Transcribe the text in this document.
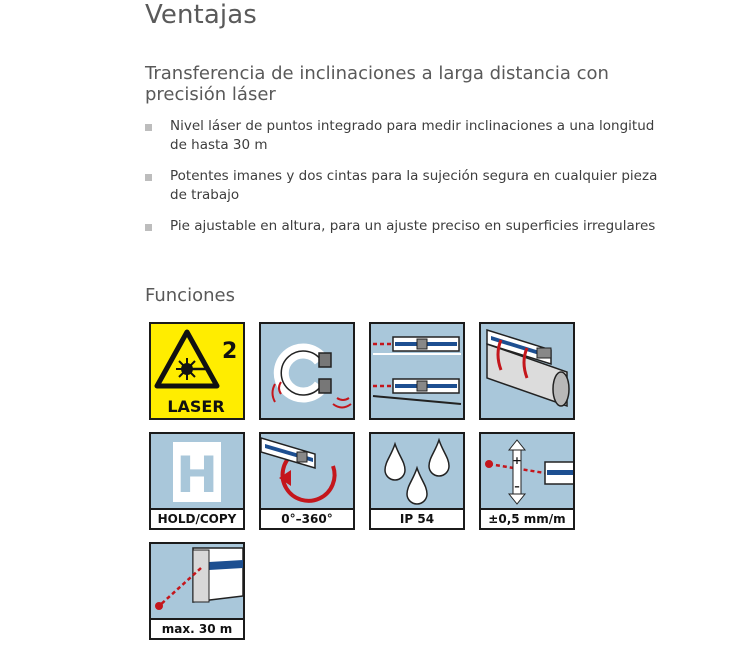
Ventajas
Transferencia de inclinaciones a larga distancia con precisión láser
Nivel láser de puntos integrado para medir inclinaciones a una longitud de hasta 30 m
Potentes imanes y dos cintas para la sujeción segura en cualquier pieza de trabajo
Pie ajustable en altura, para un ajuste preciso en superficies irregulares
Funciones
2
LASER
H
HOLD/COPY	0°–360°	IP 54
+
–
±0,5 mm/m
max. 30 m
